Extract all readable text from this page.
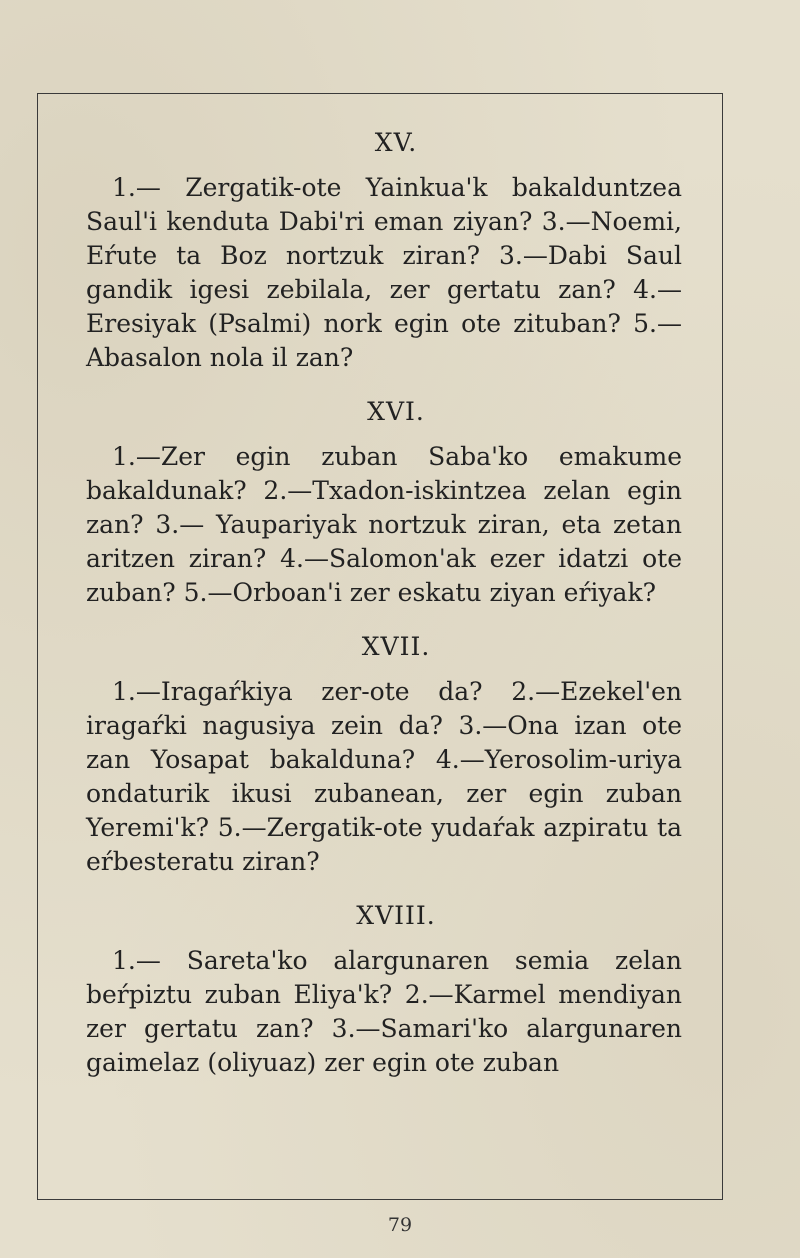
XV.

1.— Zergatik-ote Yainkua'k bakalduntzea Saul'i kenduta Dabi'ri eman ziyan? 3.—Noemi, Eŕute ta Boz nortzuk ziran? 3.—Dabi Saul gandik igesi zebilala, zer gertatu zan? 4.—Eresiyak (Psalmi) nork egin ote zituban? 5.—Abasalon nola il zan?

XVI.

1.—Zer egin zuban Saba'ko emakume bakaldunak? 2.—Txadon-iskintzea zelan egin zan? 3.— Yaupariyak nortzuk ziran, eta zetan aritzen ziran? 4.—Salomon'ak ezer idatzi ote zuban? 5.—Orboan'i zer eskatu ziyan eŕiyak?

XVII.

1.—Iragaŕkiya zer-ote da? 2.—Ezekel'en iragaŕki nagusiya zein da? 3.—Ona izan ote zan Yosapat bakalduna? 4.—Yerosolim-uriya ondaturik ikusi zubanean, zer egin zuban Yeremi'k? 5.—Zergatik-ote yudaŕak azpiratu ta eŕbesteratu ziran?

XVIII.

1.— Sareta'ko alargunaren semia zelan beŕpiztu zuban Eliya'k? 2.—Karmel mendiyan zer gertatu zan? 3.—Samari'ko alargunaren gaimelaz (oliyuaz) zer egin ote zuban

79
